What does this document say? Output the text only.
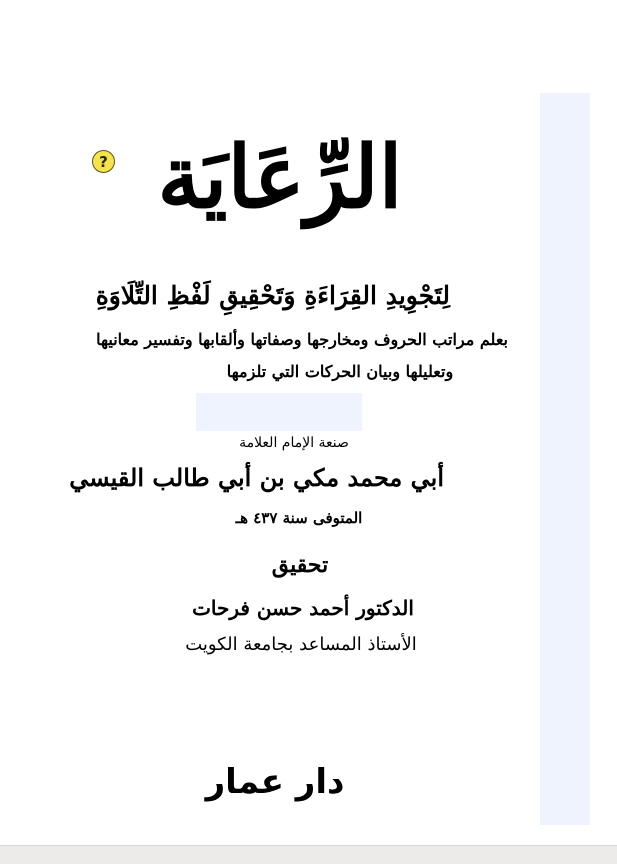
? الرِّعَايَة
لِتَجْوِيدِ القِرَاءَةِ وَتَحْقِيقِ لَفْظِ التِّلَاوَةِ
بعلم مراتب الحروف ومخارجها وصفاتها وألقابها وتفسير معانيها
وتعليلها وبيان الحركات التي تلزمها
صنعة الإمام العلامة
أبي محمد مكي بن أبي طالب القيسي
المتوفى سنة ٤٣٧ هـ
تحقيق
الدكتور أحمد حسن فرحات
الأستاذ المساعد بجامعة الكويت
دار عمار
